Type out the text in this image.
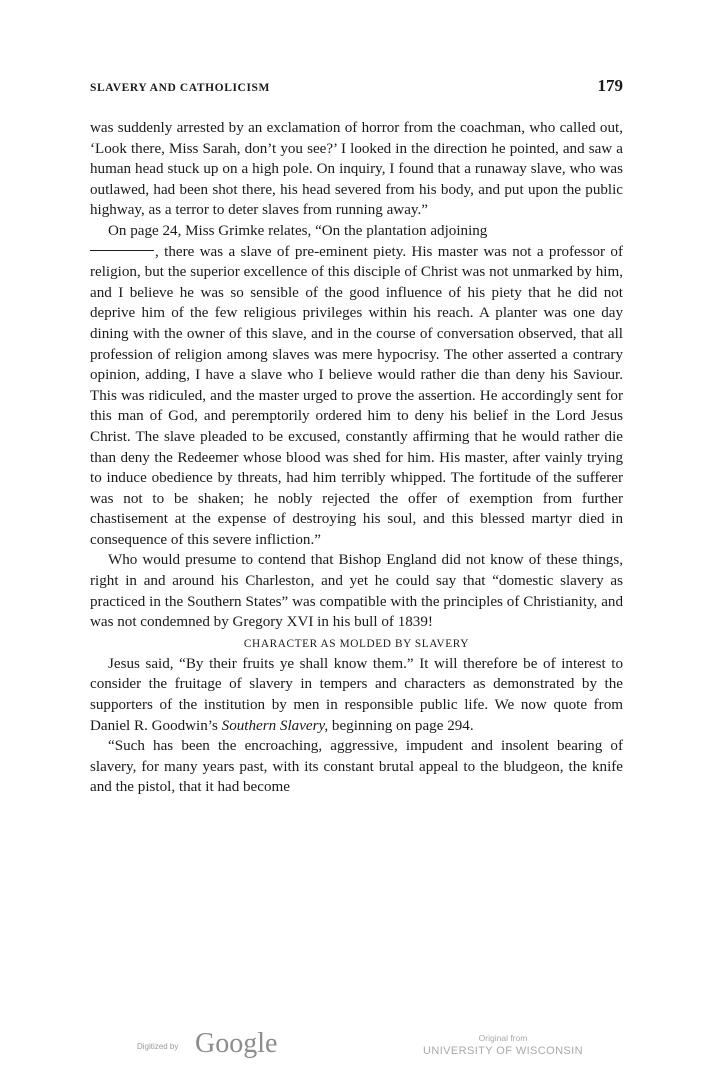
SLAVERY AND CATHOLICISM	179

was suddenly arrested by an exclamation of horror from the coachman, who called out, ‘Look there, Miss Sarah, don’t you see?’ I looked in the direction he pointed, and saw a human head stuck up on a high pole. On inquiry, I found that a runaway slave, who was outlawed, had been shot there, his head severed from his body, and put upon the public highway, as a terror to deter slaves from running away.”

On page 24, Miss Grimke relates, “On the plantation adjoining
, there was a slave of pre-eminent piety. His master was not a professor of religion, but the superior excellence of this disciple of Christ was not unmarked by him, and I believe he was so sensible of the good influence of his piety that he did not deprive him of the few religious privileges within his reach. A planter was one day dining with the owner of this slave, and in the course of conversation observed, that all profession of religion among slaves was mere hypocrisy. The other asserted a contrary opinion, adding, I have a slave who I believe would rather die than deny his Saviour. This was ridiculed, and the master urged to prove the assertion. He accordingly sent for this man of God, and peremptorily ordered him to deny his belief in the Lord Jesus Christ. The slave pleaded to be excused, constantly affirming that he would rather die than deny the Redeemer whose blood was shed for him. His master, after vainly trying to induce obedience by threats, had him terribly whipped. The fortitude of the sufferer was not to be shaken; he nobly rejected the offer of exemption from further chastisement at the expense of destroying his soul, and this blessed martyr died in consequence of this severe infliction.”

Who would presume to contend that Bishop England did not know of these things, right in and around his Charleston, and yet he could say that “domestic slavery as practiced in the Southern States” was compatible with the principles of Christianity, and was not condemned by Gregory XVI in his bull of 1839!

CHARACTER AS MOLDED BY SLAVERY

Jesus said, “By their fruits ye shall know them.” It will therefore be of interest to consider the fruitage of slavery in tempers and characters as demonstrated by the supporters of the institution by men in responsible public life. We now quote from Daniel R. Goodwin’s Southern Slavery, beginning on page 294.

“Such has been the encroaching, aggressive, impudent and insolent bearing of slavery, for many years past, with its constant brutal appeal to the bludgeon, the knife and the pistol, that it had become

Digitized by Google	Original from
UNIVERSITY OF WISCONSIN
